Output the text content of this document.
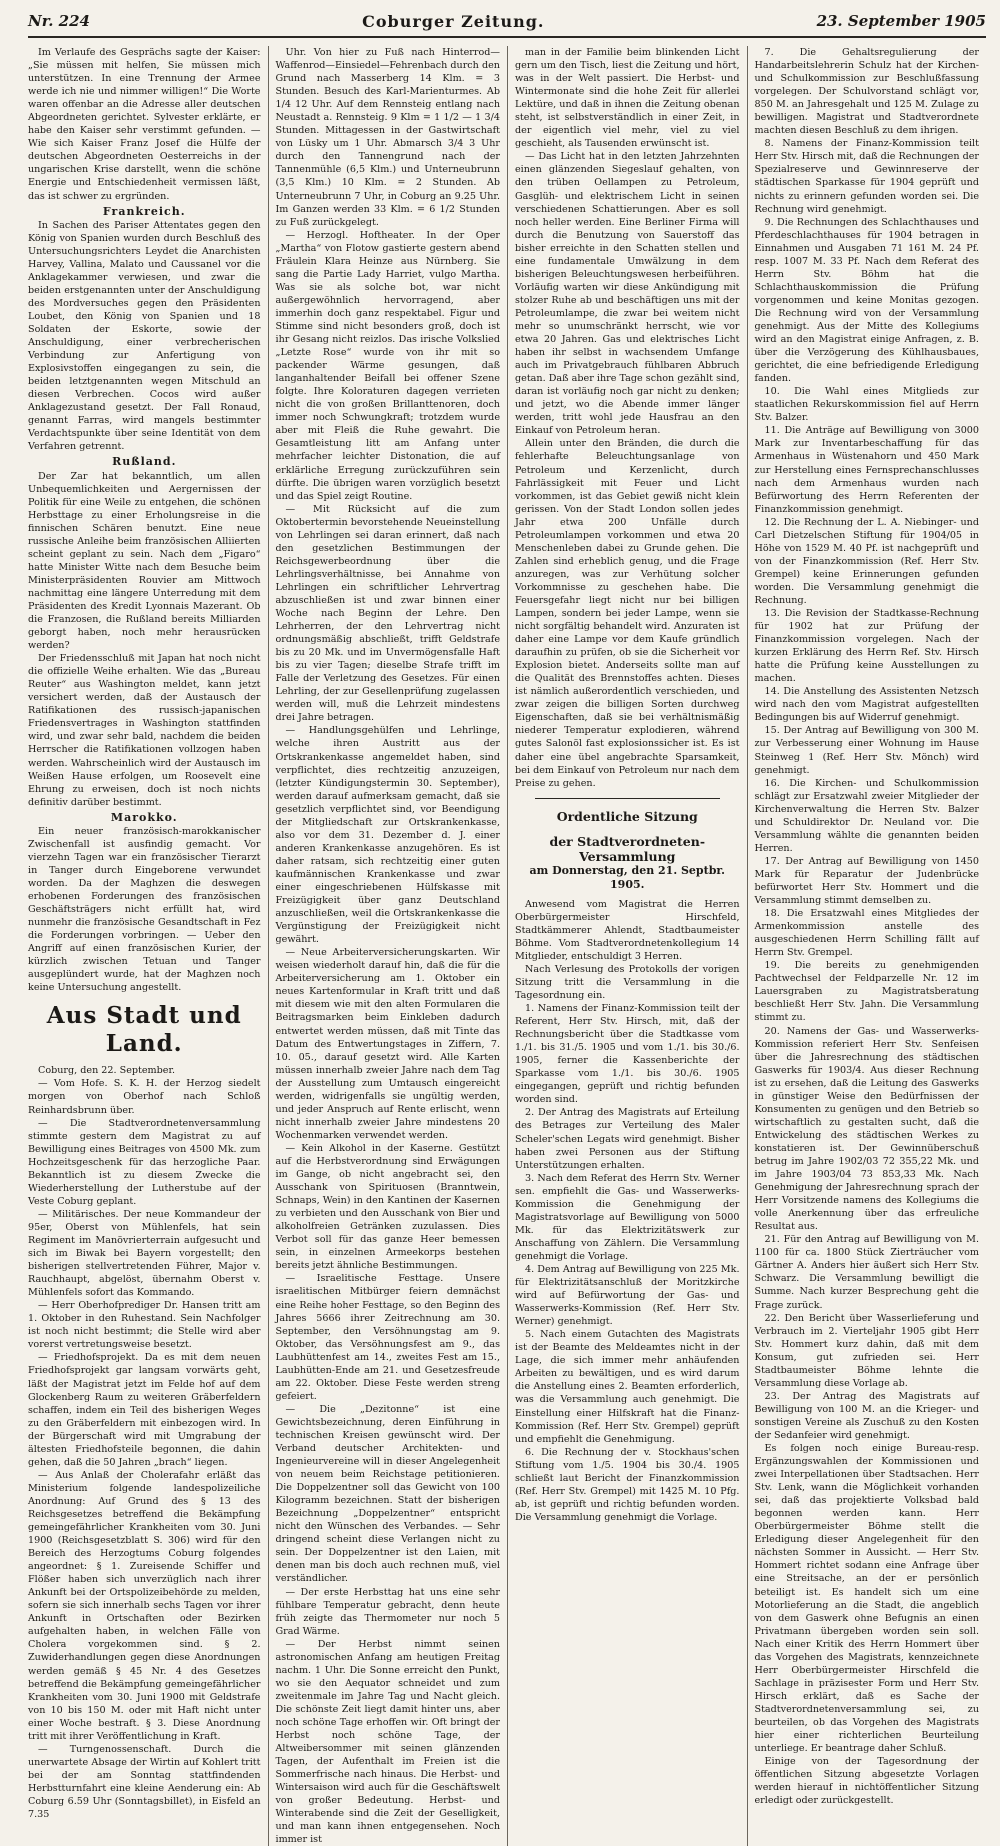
Nr. 224	Coburger Zeitung.	23. September 1905

Im Verlaufe des Gesprächs sagte der Kaiser: „Sie müssen mit helfen, Sie müssen mich unterstützen. In eine Trennung der Armee werde ich nie und nimmer willigen!“ Die Worte waren offenbar an die Adresse aller deutschen Abgeordneten gerichtet. Sylvester erklärte, er habe den Kaiser sehr verstimmt gefunden. — Wie sich Kaiser Franz Josef die Hülfe der deutschen Abgeordneten Oesterreichs in der ungarischen Krise darstellt, wenn die schöne Energie und Entschiedenheit vermissen läßt, das ist schwer zu ergründen.

Frankreich.

In Sachen des Pariser Attentates gegen den König von Spanien wurden durch Beschluß des Untersuchungsrichters Leydet die Anarchisten Harvey, Vallina, Malato und Caussanel vor die Anklagekammer verwiesen, und zwar die beiden erstgenannten unter der Anschuldigung des Mordversuches gegen den Präsidenten Loubet, den König von Spanien und 18 Soldaten der Eskorte, sowie der Anschuldigung, einer verbrecherischen Verbindung zur Anfertigung von Explosivstoffen eingegangen zu sein, die beiden letztgenannten wegen Mitschuld an diesen Verbrechen. Cocos wird außer Anklagezustand gesetzt. Der Fall Ronaud, genannt Farras, wird mangels bestimmter Verdachtspunkte über seine Identität von dem Verfahren getrennt.

Rußland.

Der Zar hat bekanntlich, um allen Unbequemlichkeiten und Aergernissen der Politik für eine Weile zu entgehen, die schönen Herbsttage zu einer Erholungsreise in die finnischen Schären benutzt. Eine neue russische Anleihe beim französischen Alliierten scheint geplant zu sein. Nach dem „Figaro“ hatte Minister Witte nach dem Besuche beim Ministerpräsidenten Rouvier am Mittwoch nachmittag eine längere Unterredung mit dem Präsidenten des Kredit Lyonnais Mazerant. Ob die Franzosen, die Rußland bereits Milliarden geborgt haben, noch mehr herausrücken werden?

Der Friedensschluß mit Japan hat noch nicht die offizielle Weihe erhalten. Wie das „Bureau Reuter“ aus Washington meldet, kann jetzt versichert werden, daß der Austausch der Ratifikationen des russisch-japanischen Friedensvertrages in Washington stattfinden wird, und zwar sehr bald, nachdem die beiden Herrscher die Ratifikationen vollzogen haben werden. Wahrscheinlich wird der Austausch im Weißen Hause erfolgen, um Roosevelt eine Ehrung zu erweisen, doch ist noch nichts definitiv darüber bestimmt.

Marokko.

Ein neuer französisch-marokkanischer Zwischenfall ist ausfindig gemacht. Vor vierzehn Tagen war ein französischer Tierarzt in Tanger durch Eingeborene verwundet worden. Da der Maghzen die deswegen erhobenen Forderungen des französischen Geschäftsträgers nicht erfüllt hat, wird nunmehr die französische Gesandtschaft in Fez die Forderungen vorbringen. — Ueber den Angriff auf einen französischen Kurier, der kürzlich zwischen Tetuan und Tanger ausgeplündert wurde, hat der Maghzen noch keine Untersuchung angestellt.

Aus Stadt und Land.

Coburg, den 22. September.

— Vom Hofe. S. K. H. der Herzog siedelt morgen von Oberhof nach Schloß Reinhardsbrunn über.

— Die Stadtverordnetenversammlung stimmte gestern dem Magistrat zu auf Bewilligung eines Beitrages von 4500 Mk. zum Hochzeitsgeschenk für das herzogliche Paar. Bekanntlich ist zu diesem Zwecke die Wiederherstellung der Lutherstube auf der Veste Coburg geplant.

— Militärisches. Der neue Kommandeur der 95er, Oberst von Mühlenfels, hat sein Regiment im Manövrierterrain aufgesucht und sich im Biwak bei Bayern vorgestellt; den bisherigen stellvertretenden Führer, Major v. Rauchhaupt, abgelöst, übernahm Oberst v. Mühlenfels sofort das Kommando.

— Herr Oberhofprediger Dr. Hansen tritt am 1. Oktober in den Ruhestand. Sein Nachfolger ist noch nicht bestimmt; die Stelle wird aber vorerst vertretungsweise besetzt.

— Friedhofsprojekt. Da es mit dem neuen Friedhofsprojekt gar langsam vorwärts geht, läßt der Magistrat jetzt im Felde hof auf dem Glockenberg Raum zu weiteren Gräberfeldern schaffen, indem ein Teil des bisherigen Weges zu den Gräberfeldern mit einbezogen wird. In der Bürgerschaft wird mit Umgrabung der ältesten Friedhofsteile begonnen, die dahin gehen, daß die 50 Jahren „brach“ liegen.

— Aus Anlaß der Cholerafahr erläßt das Ministerium folgende landespolizeiliche Anordnung: Auf Grund des § 13 des Reichsgesetzes betreffend die Bekämpfung gemeingefährlicher Krankheiten vom 30. Juni 1900 (Reichsgesetzblatt S. 306) wird für den Bereich des Herzogtums Coburg folgendes angeordnet: § 1. Zureisende Schiffer und Flößer haben sich unverzüglich nach ihrer Ankunft bei der Ortspolizeibehörde zu melden, sofern sie sich innerhalb sechs Tagen vor ihrer Ankunft in Ortschaften oder Bezirken aufgehalten haben, in welchen Fälle von Cholera vorgekommen sind. § 2. Zuwiderhandlungen gegen diese Anordnungen werden gemäß § 45 Nr. 4 des Gesetzes betreffend die Bekämpfung gemeingefährlicher Krankheiten vom 30. Juni 1900 mit Geldstrafe von 10 bis 150 M. oder mit Haft nicht unter einer Woche bestraft. § 3. Diese Anordnung tritt mit ihrer Veröffentlichung in Kraft.

— Turngenossenschaft. Durch die unerwartete Absage der Wirtin auf Kohlert tritt bei der am Sonntag stattfindenden Herbstturnfahrt eine kleine Aenderung ein: Ab Coburg 6.59 Uhr (Sonntagsbillet), in Eisfeld an 7.35

Uhr. Von hier zu Fuß nach Hinterrod—Waffenrod—Einsiedel—Fehrenbach durch den Grund nach Masserberg 14 Klm. = 3 Stunden. Besuch des Karl-Marienturmes. Ab 1/4 12 Uhr. Auf dem Rennsteig entlang nach Neustadt a. Rennsteig. 9 Klm = 1 1/2 — 1 3/4 Stunden. Mittagessen in der Gastwirtschaft von Lüsky um 1 Uhr. Abmarsch 3/4 3 Uhr durch den Tannengrund nach der Tannenmühle (6,5 Klm.) und Unterneubrunn (3,5 Klm.) 10 Klm. = 2 Stunden. Ab Unterneubrunn 7 Uhr, in Coburg an 9.25 Uhr. Im Ganzen werden 33 Klm. = 6 1/2 Stunden zu Fuß zurückgelegt.

— Herzogl. Hoftheater. In der Oper „Martha“ von Flotow gastierte gestern abend Fräulein Klara Heinze aus Nürnberg. Sie sang die Partie Lady Harriet, vulgo Martha. Was sie als solche bot, war nicht außergewöhnlich hervorragend, aber immerhin doch ganz respektabel. Figur und Stimme sind nicht besonders groß, doch ist ihr Gesang nicht reizlos. Das irische Volkslied „Letzte Rose“ wurde von ihr mit so packender Wärme gesungen, daß langanhaltender Beifall bei offener Szene folgte. Ihre Koloraturen dagegen verrieten nicht die von großen Brillanttenoren, doch immer noch Schwungkraft; trotzdem wurde aber mit Fleiß die Ruhe gewahrt. Die Gesamtleistung litt am Anfang unter mehrfacher leichter Distonation, die auf erklärliche Erregung zurückzuführen sein dürfte. Die übrigen waren vorzüglich besetzt und das Spiel zeigt Routine.

— Mit Rücksicht auf die zum Oktobertermin bevorstehende Neueinstellung von Lehrlingen sei daran erinnert, daß nach den gesetzlichen Bestimmungen der Reichsgewerbeordnung über die Lehrlingsverhältnisse, bei Annahme von Lehrlingen ein schriftlicher Lehrvertrag abzuschließen ist und zwar binnen einer Woche nach Beginn der Lehre. Den Lehrherren, der den Lehrvertrag nicht ordnungsmäßig abschließt, trifft Geldstrafe bis zu 20 Mk. und im Unvermögensfalle Haft bis zu vier Tagen; dieselbe Strafe trifft im Falle der Verletzung des Gesetzes. Für einen Lehrling, der zur Gesellenprüfung zugelassen werden will, muß die Lehrzeit mindestens drei Jahre betragen.

— Handlungsgehülfen und Lehrlinge, welche ihren Austritt aus der Ortskrankenkasse angemeldet haben, sind verpflichtet, dies rechtzeitig anzuzeigen, (letzter Kündigungstermin 30. September), werden darauf aufmerksam gemacht, daß sie gesetzlich verpflichtet sind, vor Beendigung der Mitgliedschaft zur Ortskrankenkasse, also vor dem 31. Dezember d. J. einer anderen Krankenkasse anzugehören. Es ist daher ratsam, sich rechtzeitig einer guten kaufmännischen Krankenkasse und zwar einer eingeschriebenen Hülfskasse mit Freizügigkeit über ganz Deutschland anzuschließen, weil die Ortskrankenkasse die Vergünstigung der Freizügigkeit nicht gewährt.

— Neue Arbeiterversicherungskarten. Wir weisen wiederholt darauf hin, daß die für die Arbeiterversicherung am 1. Oktober ein neues Kartenformular in Kraft tritt und daß mit diesem wie mit den alten Formularen die Beitragsmarken beim Einkleben dadurch entwertet werden müssen, daß mit Tinte das Datum des Entwertungstages in Ziffern, 7. 10. 05., darauf gesetzt wird. Alle Karten müssen innerhalb zweier Jahre nach dem Tag der Ausstellung zum Umtausch eingereicht werden, widrigenfalls sie ungültig werden, und jeder Anspruch auf Rente erlischt, wenn nicht innerhalb zweier Jahre mindestens 20 Wochenmarken verwendet werden.

— Kein Alkohol in der Kaserne. Gestützt auf die Herbstverordnung sind Erwägungen im Gange, ob nicht angebracht sei, den Ausschank von Spirituosen (Branntwein, Schnaps, Wein) in den Kantinen der Kasernen zu verbieten und den Ausschank von Bier und alkoholfreien Getränken zuzulassen. Dies Verbot soll für das ganze Heer bemessen sein, in einzelnen Armeekorps bestehen bereits jetzt ähnliche Bestimmungen.

— Israelitische Festtage. Unsere israelitischen Mitbürger feiern demnächst eine Reihe hoher Festtage, so den Beginn des Jahres 5666 ihrer Zeitrechnung am 30. September, den Versöhnungstag am 9. Oktober, das Versöhnungsfest am 9., das Laubhüttenfest am 14., zweites Fest am 15., Laubhütten-Ende am 21. und Gesetzesfreude am 22. Oktober. Diese Feste werden streng gefeiert.

— Die „Dezitonne“ ist eine Gewichtsbezeichnung, deren Einführung in technischen Kreisen gewünscht wird. Der Verband deutscher Architekten- und Ingenieurvereine will in dieser Angelegenheit von neuem beim Reichstage petitionieren. Die Doppelzentner soll das Gewicht von 100 Kilogramm bezeichnen. Statt der bisherigen Bezeichnung „Doppelzentner“ entspricht nicht den Wünschen des Verbandes. — Sehr dringend scheint diese Verlangen nicht zu sein. Der Doppelzentner ist den Laien, mit denen man bis doch auch rechnen muß, viel verständlicher.

— Der erste Herbsttag hat uns eine sehr fühlbare Temperatur gebracht, denn heute früh zeigte das Thermometer nur noch 5 Grad Wärme.

— Der Herbst nimmt seinen astronomischen Anfang am heutigen Freitag nachm. 1 Uhr. Die Sonne erreicht den Punkt, wo sie den Aequator schneidet und zum zweitenmale im Jahre Tag und Nacht gleich. Die schönste Zeit liegt damit hinter uns, aber noch schöne Tage erhoffen wir. Oft bringt der Herbst noch schöne Tage, der Altweibersommer mit seinen glänzenden Tagen, der Aufenthalt im Freien ist die Sommerfrische nach hinaus. Die Herbst- und Wintersaison wird auch für die Geschäftswelt von großer Bedeutung. Herbst- und Winterabende sind die Zeit der Geselligkeit, und man kann ihnen entgegensehen. Noch immer ist

man in der Familie beim blinkenden Licht gern um den Tisch, liest die Zeitung und hört, was in der Welt passiert. Die Herbst- und Wintermonate sind die hohe Zeit für allerlei Lektüre, und daß in ihnen die Zeitung obenan steht, ist selbstverständlich in einer Zeit, in der eigentlich viel mehr, viel zu viel geschieht, als Tausenden erwünscht ist.

— Das Licht hat in den letzten Jahrzehnten einen glänzenden Siegeslauf gehalten, von den trüben Oellampen zu Petroleum, Gasglüh- und elektrischem Licht in seinen verschiedenen Schattierungen. Aber es soll noch heller werden. Eine Berliner Firma will durch die Benutzung von Sauerstoff das bisher erreichte in den Schatten stellen und eine fundamentale Umwälzung in dem bisherigen Beleuchtungswesen herbeiführen. Vorläufig warten wir diese Ankündigung mit stolzer Ruhe ab und beschäftigen uns mit der Petroleumlampe, die zwar bei weitem nicht mehr so unumschränkt herrscht, wie vor etwa 20 Jahren. Gas und elektrisches Licht haben ihr selbst in wachsendem Umfange auch im Privatgebrauch fühlbaren Abbruch getan. Daß aber ihre Tage schon gezählt sind, daran ist vorläufig noch gar nicht zu denken; und jetzt, wo die Abende immer länger werden, tritt wohl jede Hausfrau an den Einkauf von Petroleum heran.

Allein unter den Bränden, die durch die fehlerhafte Beleuchtungsanlage von Petroleum und Kerzenlicht, durch Fahrlässigkeit mit Feuer und Licht vorkommen, ist das Gebiet gewiß nicht klein gerissen. Von der Stadt London sollen jedes Jahr etwa 200 Unfälle durch Petroleumlampen vorkommen und etwa 20 Menschenleben dabei zu Grunde gehen. Die Zahlen sind erheblich genug, und die Frage anzuregen, was zur Verhütung solcher Vorkommnisse zu geschehen habe. Die Feuersgefahr liegt nicht nur bei billigen Lampen, sondern bei jeder Lampe, wenn sie nicht sorgfältig behandelt wird. Anzuraten ist daher eine Lampe vor dem Kaufe gründlich daraufhin zu prüfen, ob sie die Sicherheit vor Explosion bietet. Anderseits sollte man auf die Qualität des Brennstoffes achten. Dieses ist nämlich außerordentlich verschieden, und zwar zeigen die billigen Sorten durchweg Eigenschaften, daß sie bei verhältnismäßig niederer Temperatur explodieren, während gutes Salonöl fast explosionssicher ist. Es ist daher eine übel angebrachte Sparsamkeit, bei dem Einkauf von Petroleum nur nach dem Preise zu gehen.

Ordentliche Sitzung
der Stadtverordneten-Versammlung
am Donnerstag, den 21. Septbr. 1905.

Anwesend vom Magistrat die Herren Oberbürgermeister Hirschfeld, Stadtkämmerer Ahlendt, Stadtbaumeister Böhme. Vom Stadtverordnetenkollegium 14 Mitglieder, entschuldigt 3 Herren.

Nach Verlesung des Protokolls der vorigen Sitzung tritt die Versammlung in die Tagesordnung ein.

1. Namens der Finanz-Kommission teilt der Referent, Herr Stv. Hirsch, mit, daß der Rechnungsbericht über die Stadtkasse vom 1./1. bis 31./5. 1905 und vom 1./1. bis 30./6. 1905, ferner die Kassenberichte der Sparkasse vom 1./1. bis 30./6. 1905 eingegangen, geprüft und richtig befunden worden sind.

2. Der Antrag des Magistrats auf Erteilung des Betrages zur Verteilung des Maler Scheler'schen Legats wird genehmigt. Bisher haben zwei Personen aus der Stiftung Unterstützungen erhalten.

3. Nach dem Referat des Herrn Stv. Werner sen. empfiehlt die Gas- und Wasserwerks-Kommission die Genehmigung der Magistratsvorlage auf Bewilligung von 5000 Mk. für das Elektrizitätswerk zur Anschaffung von Zählern. Die Versammlung genehmigt die Vorlage.

4. Dem Antrag auf Bewilligung von 225 Mk. für Elektrizitätsanschluß der Moritzkirche wird auf Befürwortung der Gas- und Wasserwerks-Kommission (Ref. Herr Stv. Werner) genehmigt.

5. Nach einem Gutachten des Magistrats ist der Beamte des Meldeamtes nicht in der Lage, die sich immer mehr anhäufenden Arbeiten zu bewältigen, und es wird darum die Anstellung eines 2. Beamten erforderlich, was die Versammlung auch genehmigt. Die Einstellung einer Hilfskraft hat die Finanz-Kommission (Ref. Herr Stv. Grempel) geprüft und empfiehlt die Genehmigung.

6. Die Rechnung der v. Stockhaus'schen Stiftung vom 1./5. 1904 bis 30./4. 1905 schließt laut Bericht der Finanzkommission (Ref. Herr Stv. Grempel) mit 1425 M. 10 Pfg. ab, ist geprüft und richtig befunden worden. Die Versammlung genehmigt die Vorlage.

7. Die Gehaltsregulierung der Handarbeitslehrerin Schulz hat der Kirchen- und Schulkommission zur Beschlußfassung vorgelegen. Der Schulvorstand schlägt vor, 850 M. an Jahresgehalt und 125 M. Zulage zu bewilligen. Magistrat und Stadtverordnete machten diesen Beschluß zu dem ihrigen.

8. Namens der Finanz-Kommission teilt Herr Stv. Hirsch mit, daß die Rechnungen der Spezialreserve und Gewinnreserve der städtischen Sparkasse für 1904 geprüft und nichts zu erinnern gefunden worden sei. Die Rechnung wird genehmigt.

9. Die Rechnungen des Schlachthauses und Pferdeschlachthauses für 1904 betragen in Einnahmen und Ausgaben 71 161 M. 24 Pf. resp. 1007 M. 33 Pf. Nach dem Referat des Herrn Stv. Böhm hat die Schlachthauskommission die Prüfung vorgenommen und keine Monitas gezogen. Die Rechnung wird von der Versammlung genehmigt. Aus der Mitte des Kollegiums wird an den Magistrat einige Anfragen, z. B. über die Verzögerung des Kühlhausbaues, gerichtet, die eine befriedigende Erledigung fanden.

10. Die Wahl eines Mitglieds zur staatlichen Rekurskommission fiel auf Herrn Stv. Balzer.

11. Die Anträge auf Bewilligung von 3000 Mark zur Inventarbeschaffung für das Armenhaus in Wüstenahorn und 450 Mark zur Herstellung eines Fernsprechanschlusses nach dem Armenhaus wurden nach Befürwortung des Herrn Referenten der Finanzkommission genehmigt.

12. Die Rechnung der L. A. Niebinger- und Carl Dietzelschen Stiftung für 1904/05 in Höhe von 1529 M. 40 Pf. ist nachgeprüft und von der Finanzkommission (Ref. Herr Stv. Grempel) keine Erinnerungen gefunden worden. Die Versammlung genehmigt die Rechnung.

13. Die Revision der Stadtkasse-Rechnung für 1902 hat zur Prüfung der Finanzkommission vorgelegen. Nach der kurzen Erklärung des Herrn Ref. Stv. Hirsch hatte die Prüfung keine Ausstellungen zu machen.

14. Die Anstellung des Assistenten Netzsch wird nach den vom Magistrat aufgestellten Bedingungen bis auf Widerruf genehmigt.

15. Der Antrag auf Bewilligung von 300 M. zur Verbesserung einer Wohnung im Hause Steinweg 1 (Ref. Herr Stv. Mönch) wird genehmigt.

16. Die Kirchen- und Schulkommission schlägt zur Ersatzwahl zweier Mitglieder der Kirchenverwaltung die Herren Stv. Balzer und Schuldirektor Dr. Neuland vor. Die Versammlung wählte die genannten beiden Herren.

17. Der Antrag auf Bewilligung von 1450 Mark für Reparatur der Judenbrücke befürwortet Herr Stv. Hommert und die Versammlung stimmt demselben zu.

18. Die Ersatzwahl eines Mitgliedes der Armenkommission anstelle des ausgeschiedenen Herrn Schilling fällt auf Herrn Stv. Grempel.

19. Die bereits zu genehmigenden Pachtwechsel der Feldparzelle Nr. 12 im Lauersgraben zu Magistratsberatung beschließt Herr Stv. Jahn. Die Versammlung stimmt zu.

20. Namens der Gas- und Wasserwerks-Kommission referiert Herr Stv. Senfeisen über die Jahresrechnung des städtischen Gaswerks für 1903/4. Aus dieser Rechnung ist zu ersehen, daß die Leitung des Gaswerks in günstiger Weise den Bedürfnissen der Konsumenten zu genügen und den Betrieb so wirtschaftlich zu gestalten sucht, daß die Entwickelung des städtischen Werkes zu konstatieren ist. Der Gewinnüberschuß betrug im Jahre 1902/03 72 355,22 Mk. und im Jahre 1903/04 73 853,33 Mk. Nach Genehmigung der Jahresrechnung sprach der Herr Vorsitzende namens des Kollegiums die volle Anerkennung über das erfreuliche Resultat aus.

21. Für den Antrag auf Bewilligung von M. 1100 für ca. 1800 Stück Zierträucher vom Gärtner A. Anders hier äußert sich Herr Stv. Schwarz. Die Versammlung bewilligt die Summe. Nach kurzer Besprechung geht die Frage zurück.

22. Den Bericht über Wasserlieferung und Verbrauch im 2. Vierteljahr 1905 gibt Herr Stv. Hommert kurz dahin, daß mit dem Konsum, gut zufrieden sei. Herr Stadtbaumeister Böhme lehnte die Versammlung diese Vorlage ab.

23. Der Antrag des Magistrats auf Bewilligung von 100 M. an die Krieger- und sonstigen Vereine als Zuschuß zu den Kosten der Sedanfeier wird genehmigt.

Es folgen noch einige Bureau-resp. Ergänzungswahlen der Kommissionen und zwei Interpellationen über Stadtsachen. Herr Stv. Lenk, wann die Möglichkeit vorhanden sei, daß das projektierte Volksbad bald begonnen werden kann. Herr Oberbürgermeister Böhme stellt die Erledigung dieser Angelegenheit für den nächsten Sommer in Aussicht. — Herr Stv. Hommert richtet sodann eine Anfrage über eine Streitsache, an der er persönlich beteiligt ist. Es handelt sich um eine Motorlieferung an die Stadt, die angeblich von dem Gaswerk ohne Befugnis an einen Privatmann übergeben worden sein soll. Nach einer Kritik des Herrn Hommert über das Vorgehen des Magistrats, kennzeichnete Herr Oberbürgermeister Hirschfeld die Sachlage in präzisester Form und Herr Stv. Hirsch erklärt, daß es Sache der Stadtverordnetenversammlung sei, zu beurteilen, ob das Vorgehen des Magistrats hier einer richterlichen Beurteilung unterliege. Er beantrage daher Schluß.

Einige von der Tagesordnung der öffentlichen Sitzung abgesetzte Vorlagen werden hierauf in nichtöffentlicher Sitzung erledigt oder zurückgestellt.
